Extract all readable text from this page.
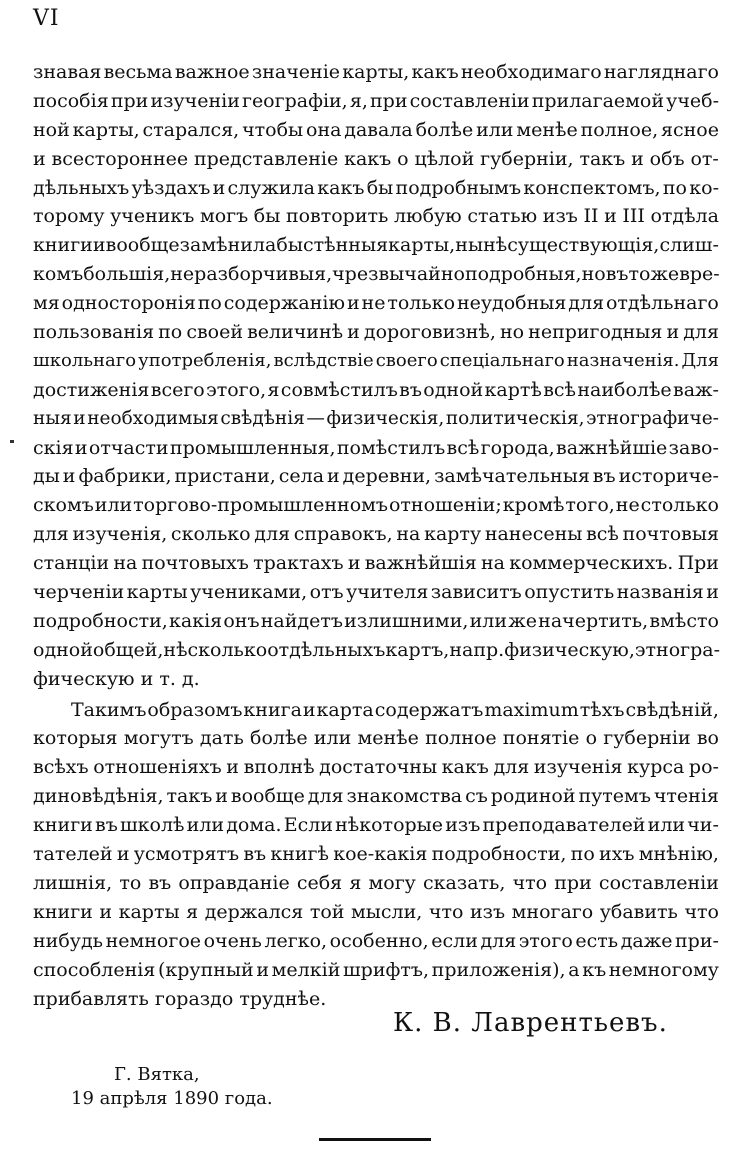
VI
знавая весьма важное значеніе карты, какъ необходимаго нагляднаго
пособія при изученіи географіи, я, при составленіи прилагаемой учеб-
ной карты, старался, чтобы она давала болѣе или менѣе полное, ясное
и всестороннее представленіе какъ о цѣлой губерніи, такъ и объ от-
дѣльныхъ уѣздахъ и служила какъ бы подробнымъ конспектомъ, по ко-
торому ученикъ могъ бы повторить любую статью изъ II и III отдѣла
книги и вообще замѣнила бы стѣнныя карты, нынѣ существующія, слиш-
комъ большія, неразборчивыя, чрезвычайно подробныя, но въ то же вре-
мя односторонія по содержанію и не только неудобныя для отдѣльнаго
пользованія по своей величинѣ и дороговизнѣ, но непригодныя и для
школьнаго употребленія, вслѣдствіе своего спеціальнаго назначенія. Для
достиженія всего этого, я совмѣстилъ въ одной картѣ всѣ наиболѣе важ-
ныя и необходимыя свѣдѣнія — физическія, политическія, этнографиче-
скія и отчасти промышленныя, помѣстилъ всѣ города, важнѣйшіе заво-
ды и фабрики, пристани, села и деревни, замѣчательныя въ историче-
скомъ или торгово-промышленномъ отношеніи; кромѣ того, не столько
для изученія, сколько для справокъ, на карту нанесены всѣ почтовыя
станціи на почтовыхъ трактахъ и важнѣйшія на коммерческихъ. При
черченіи карты учениками, отъ учителя зависитъ опустить названія и
подробности, какія онъ найдетъ излишними, или же начертить, вмѣсто
одной общей, нѣсколько отдѣльныхъ картъ, напр. физическую, этногра-
фическую и т. д.
Такимъ образомъ книга и карта содержатъ maximum тѣхъ свѣдѣній,
которыя могутъ дать болѣе или менѣе полное понятіе о губерніи во
всѣхъ отношеніяхъ и вполнѣ достаточны какъ для изученія курса ро-
диновѣдѣнія, такъ и вообще для знакомства съ родиной путемъ чтенія
книги въ школѣ или дома. Если нѣкоторые изъ преподавателей или чи-
тателей и усмотрятъ въ книгѣ кое-какія подробности, по ихъ мнѣнію,
лишнія, то въ оправданіе себя я могу сказать, что при составленіи
книги и карты я держался той мысли, что изъ многаго убавить что
нибудь немногое очень легко, особенно, если для этого есть даже при-
способленія (крупный и мелкій шрифтъ, приложенія), а къ немногому
прибавлять гораздо труднѣе.
К. В. Лаврентьевъ.
Г. Вятка,
19 апрѣля 1890 года.
